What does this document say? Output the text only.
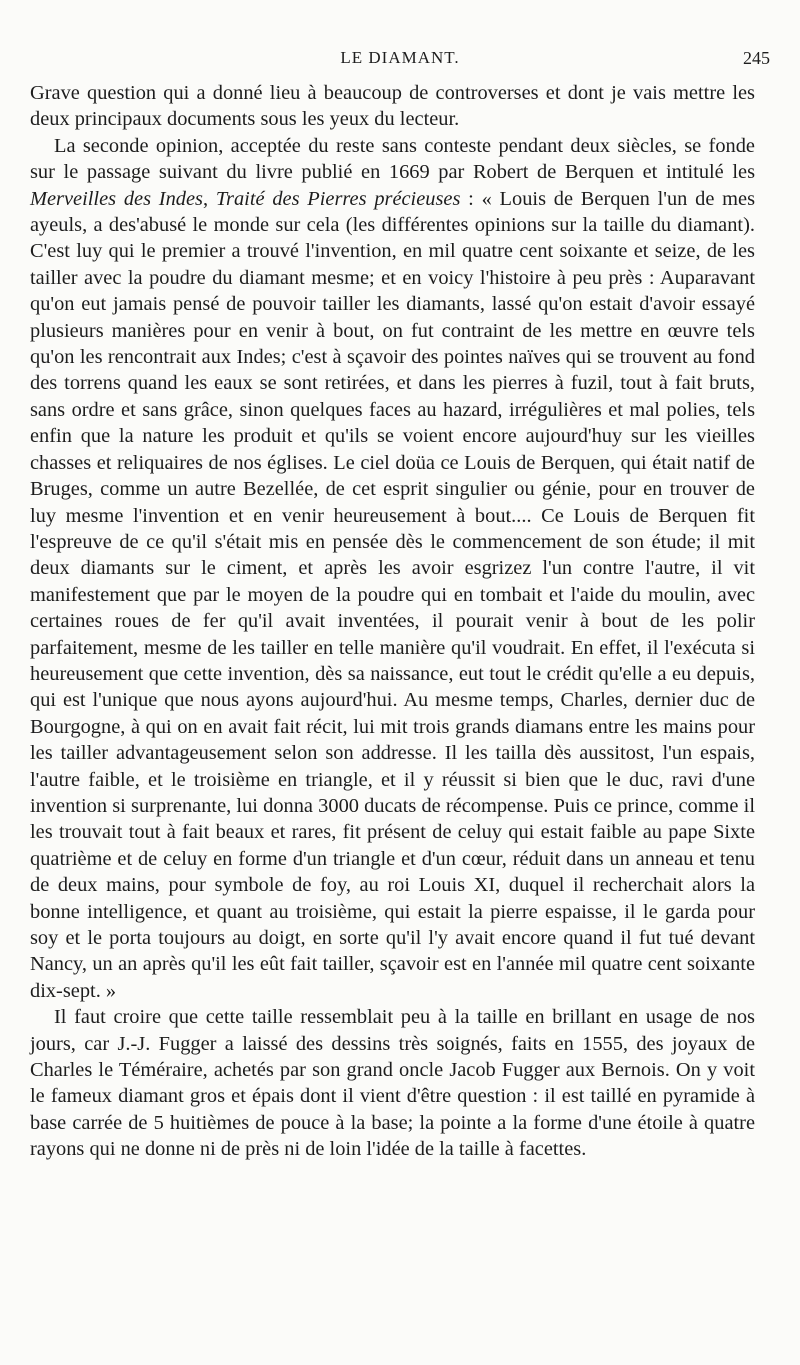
LE DIAMANT.	245

Grave question qui a donné lieu à beaucoup de controverses et dont je vais mettre les deux principaux documents sous les yeux du lecteur.

La seconde opinion, acceptée du reste sans conteste pendant deux siècles, se fonde sur le passage suivant du livre publié en 1669 par Robert de Berquen et intitulé les Merveilles des Indes, Traité des Pierres précieuses : « Louis de Berquen l'un de mes ayeuls, a des'abusé le monde sur cela (les différentes opinions sur la taille du diamant). C'est luy qui le premier a trouvé l'invention, en mil quatre cent soixante et seize, de les tailler avec la poudre du diamant mesme; et en voicy l'histoire à peu près : Auparavant qu'on eut jamais pensé de pouvoir tailler les diamants, lassé qu'on estait d'avoir essayé plusieurs manières pour en venir à bout, on fut contraint de les mettre en œuvre tels qu'on les rencontrait aux Indes; c'est à sçavoir des pointes naïves qui se trouvent au fond des torrens quand les eaux se sont retirées, et dans les pierres à fuzil, tout à fait bruts, sans ordre et sans grâce, sinon quelques faces au hazard, irrégulières et mal polies, tels enfin que la nature les produit et qu'ils se voient encore aujourd'huy sur les vieilles chasses et reliquaires de nos églises. Le ciel doüa ce Louis de Berquen, qui était natif de Bruges, comme un autre Bezellée, de cet esprit singulier ou génie, pour en trouver de luy mesme l'invention et en venir heureusement à bout.... Ce Louis de Berquen fit l'espreuve de ce qu'il s'était mis en pensée dès le commencement de son étude; il mit deux diamants sur le ciment, et après les avoir esgrizez l'un contre l'autre, il vit manifestement que par le moyen de la poudre qui en tombait et l'aide du moulin, avec certaines roues de fer qu'il avait inventées, il pourait venir à bout de les polir parfaitement, mesme de les tailler en telle manière qu'il voudrait. En effet, il l'exécuta si heureusement que cette invention, dès sa naissance, eut tout le crédit qu'elle a eu depuis, qui est l'unique que nous ayons aujourd'hui. Au mesme temps, Charles, dernier duc de Bourgogne, à qui on en avait fait récit, lui mit trois grands diamans entre les mains pour les tailler advantageusement selon son addresse. Il les tailla dès aussitost, l'un espais, l'autre faible, et le troisième en triangle, et il y réussit si bien que le duc, ravi d'une invention si surprenante, lui donna 3000 ducats de récompense. Puis ce prince, comme il les trouvait tout à fait beaux et rares, fit présent de celuy qui estait faible au pape Sixte quatrième et de celuy en forme d'un triangle et d'un cœur, réduit dans un anneau et tenu de deux mains, pour symbole de foy, au roi Louis XI, duquel il recherchait alors la bonne intelligence, et quant au troisième, qui estait la pierre espaisse, il le garda pour soy et le porta toujours au doigt, en sorte qu'il l'y avait encore quand il fut tué devant Nancy, un an après qu'il les eût fait tailler, sçavoir est en l'année mil quatre cent soixante dix-sept. »

Il faut croire que cette taille ressemblait peu à la taille en brillant en usage de nos jours, car J.-J. Fugger a laissé des dessins très soignés, faits en 1555, des joyaux de Charles le Téméraire, achetés par son grand oncle Jacob Fugger aux Bernois. On y voit le fameux diamant gros et épais dont il vient d'être question : il est taillé en pyramide à base carrée de 5 huitièmes de pouce à la base; la pointe a la forme d'une étoile à quatre rayons qui ne donne ni de près ni de loin l'idée de la taille à facettes.
